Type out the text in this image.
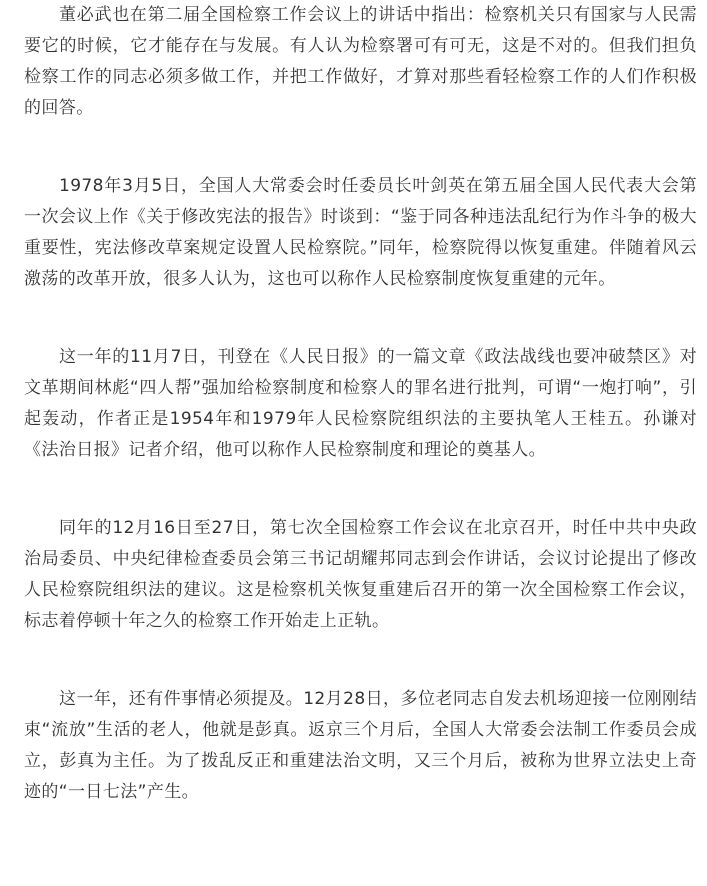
董必武也在第二届全国检察工作会议上的讲话中指出：检察机关只有国家与人民需要它的时候，它才能存在与发展。有人认为检察署可有可无，这是不对的。但我们担负检察工作的同志必须多做工作，并把工作做好，才算对那些看轻检察工作的人们作积极的回答。

1978年3月5日，全国人大常委会时任委员长叶剑英在第五届全国人民代表大会第一次会议上作《关于修改宪法的报告》时谈到：“鉴于同各种违法乱纪行为作斗争的极大重要性，宪法修改草案规定设置人民检察院。”同年，检察院得以恢复重建。伴随着风云激荡的改革开放，很多人认为，这也可以称作人民检察制度恢复重建的元年。

这一年的11月7日，刊登在《人民日报》的一篇文章《政法战线也要冲破禁区》对文革期间林彪“四人帮”强加给检察制度和检察人的罪名进行批判，可谓“一炮打响”，引起轰动，作者正是1954年和1979年人民检察院组织法的主要执笔人王桂五。孙谦对《法治日报》记者介绍，他可以称作人民检察制度和理论的奠基人。

同年的12月16日至27日，第七次全国检察工作会议在北京召开，时任中共中央政治局委员、中央纪律检查委员会第三书记胡耀邦同志到会作讲话，会议讨论提出了修改人民检察院组织法的建议。这是检察机关恢复重建后召开的第一次全国检察工作会议，标志着停顿十年之久的检察工作开始走上正轨。

这一年，还有件事情必须提及。12月28日，多位老同志自发去机场迎接一位刚刚结束“流放”生活的老人，他就是彭真。返京三个月后，全国人大常委会法制工作委员会成立，彭真为主任。为了拨乱反正和重建法治文明，又三个月后，被称为世界立法史上奇迹的“一日七法”产生。
